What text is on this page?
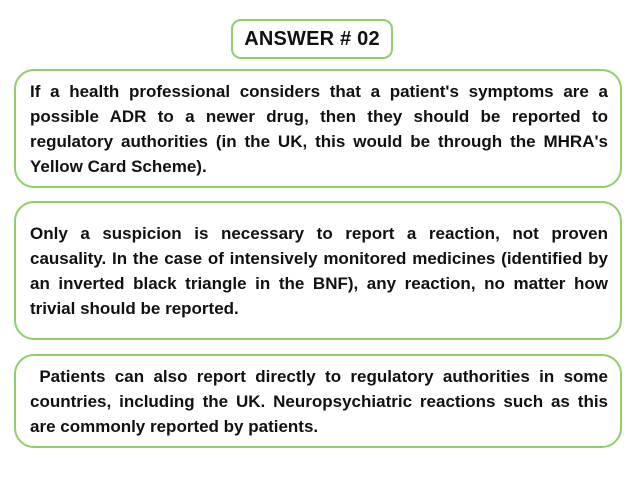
ANSWER # 02

If a health professional considers that a patient's symptoms are a possible ADR to a newer drug, then they should be reported to regulatory authorities (in the UK, this would be through the MHRA's Yellow Card Scheme).

Only a suspicion is necessary to report a reaction, not proven causality. In the case of intensively monitored medicines (identified by an inverted black triangle in the BNF), any reaction, no matter how trivial should be reported.

Patients can also report directly to regulatory authorities in some countries, including the UK. Neuropsychiatric reactions such as this are commonly reported by patients.
